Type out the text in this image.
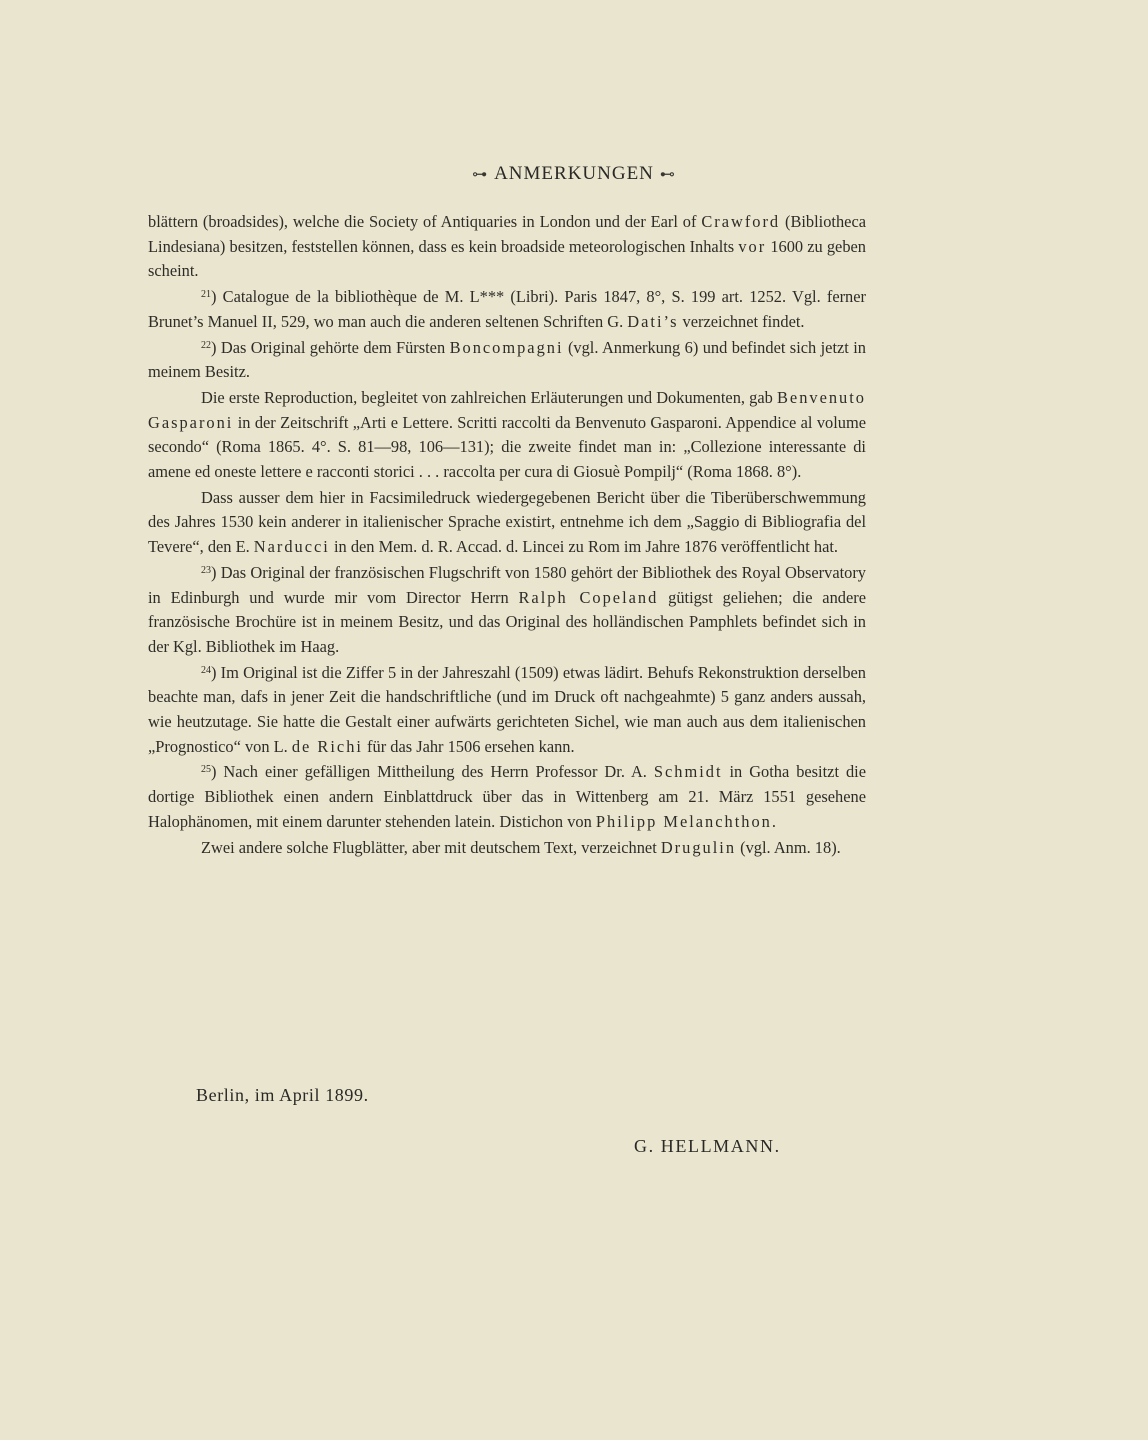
⊶ ANMERKUNGEN ⊷

blättern (broadsides), welche die Society of Antiquaries in London und der Earl of Crawford (Bibliotheca Lindesiana) besitzen, feststellen können, dass es kein broadside meteorologischen Inhalts vor 1600 zu geben scheint.

$^{21}$) Catalogue de la bibliothèque de M. L*** (Libri). Paris 1847, 8°, S. 199 art. 1252. Vgl. ferner Brunet’s Manuel II, 529, wo man auch die anderen seltenen Schriften G. Dati’s verzeichnet findet.

$^{22}$) Das Original gehörte dem Fürsten Boncompagni (vgl. Anmerkung 6) und befindet sich jetzt in meinem Besitz.

Die erste Reproduction, begleitet von zahlreichen Erläuterungen und Dokumenten, gab Benvenuto Gasparoni in der Zeitschrift „Arti e Lettere. Scritti raccolti da Benvenuto Gasparoni. Appendice al volume secondo“ (Roma 1865. 4°. S. 81—98, 106—131); die zweite findet man in: „Collezione interessante di amene ed oneste lettere e racconti storici . . . raccolta per cura di Giosuè Pompilj“ (Roma 1868. 8°).

Dass ausser dem hier in Facsimiledruck wiedergegebenen Bericht über die Tiberüberschwemmung des Jahres 1530 kein anderer in italienischer Sprache existirt, entnehme ich dem „Saggio di Bibliografia del Tevere“, den E. Narducci in den Mem. d. R. Accad. d. Lincei zu Rom im Jahre 1876 veröffentlicht hat.

$^{23}$) Das Original der französischen Flugschrift von 1580 gehört der Bibliothek des Royal Observatory in Edinburgh und wurde mir vom Director Herrn Ralph Copeland gütigst geliehen; die andere französische Brochüre ist in meinem Besitz, und das Original des holländischen Pamphlets befindet sich in der Kgl. Bibliothek im Haag.

$^{24}$) Im Original ist die Ziffer 5 in der Jahreszahl (1509) etwas lädirt. Behufs Rekonstruktion derselben beachte man, dafs in jener Zeit die handschriftliche (und im Druck oft nachgeahmte) 5 ganz anders aussah, wie heutzutage. Sie hatte die Gestalt einer aufwärts gerichteten Sichel, wie man auch aus dem italienischen „Prognostico“ von L. de Richi für das Jahr 1506 ersehen kann.

$^{25}$) Nach einer gefälligen Mittheilung des Herrn Professor Dr. A. Schmidt in Gotha besitzt die dortige Bibliothek einen andern Einblattdruck über das in Wittenberg am 21. März 1551 gesehene Halophänomen, mit einem darunter stehenden latein. Distichon von Philipp Melanchthon.

Zwei andere solche Flugblätter, aber mit deutschem Text, verzeichnet Drugulin (vgl. Anm. 18).

Berlin, im April 1899.
G. HELLMANN.
